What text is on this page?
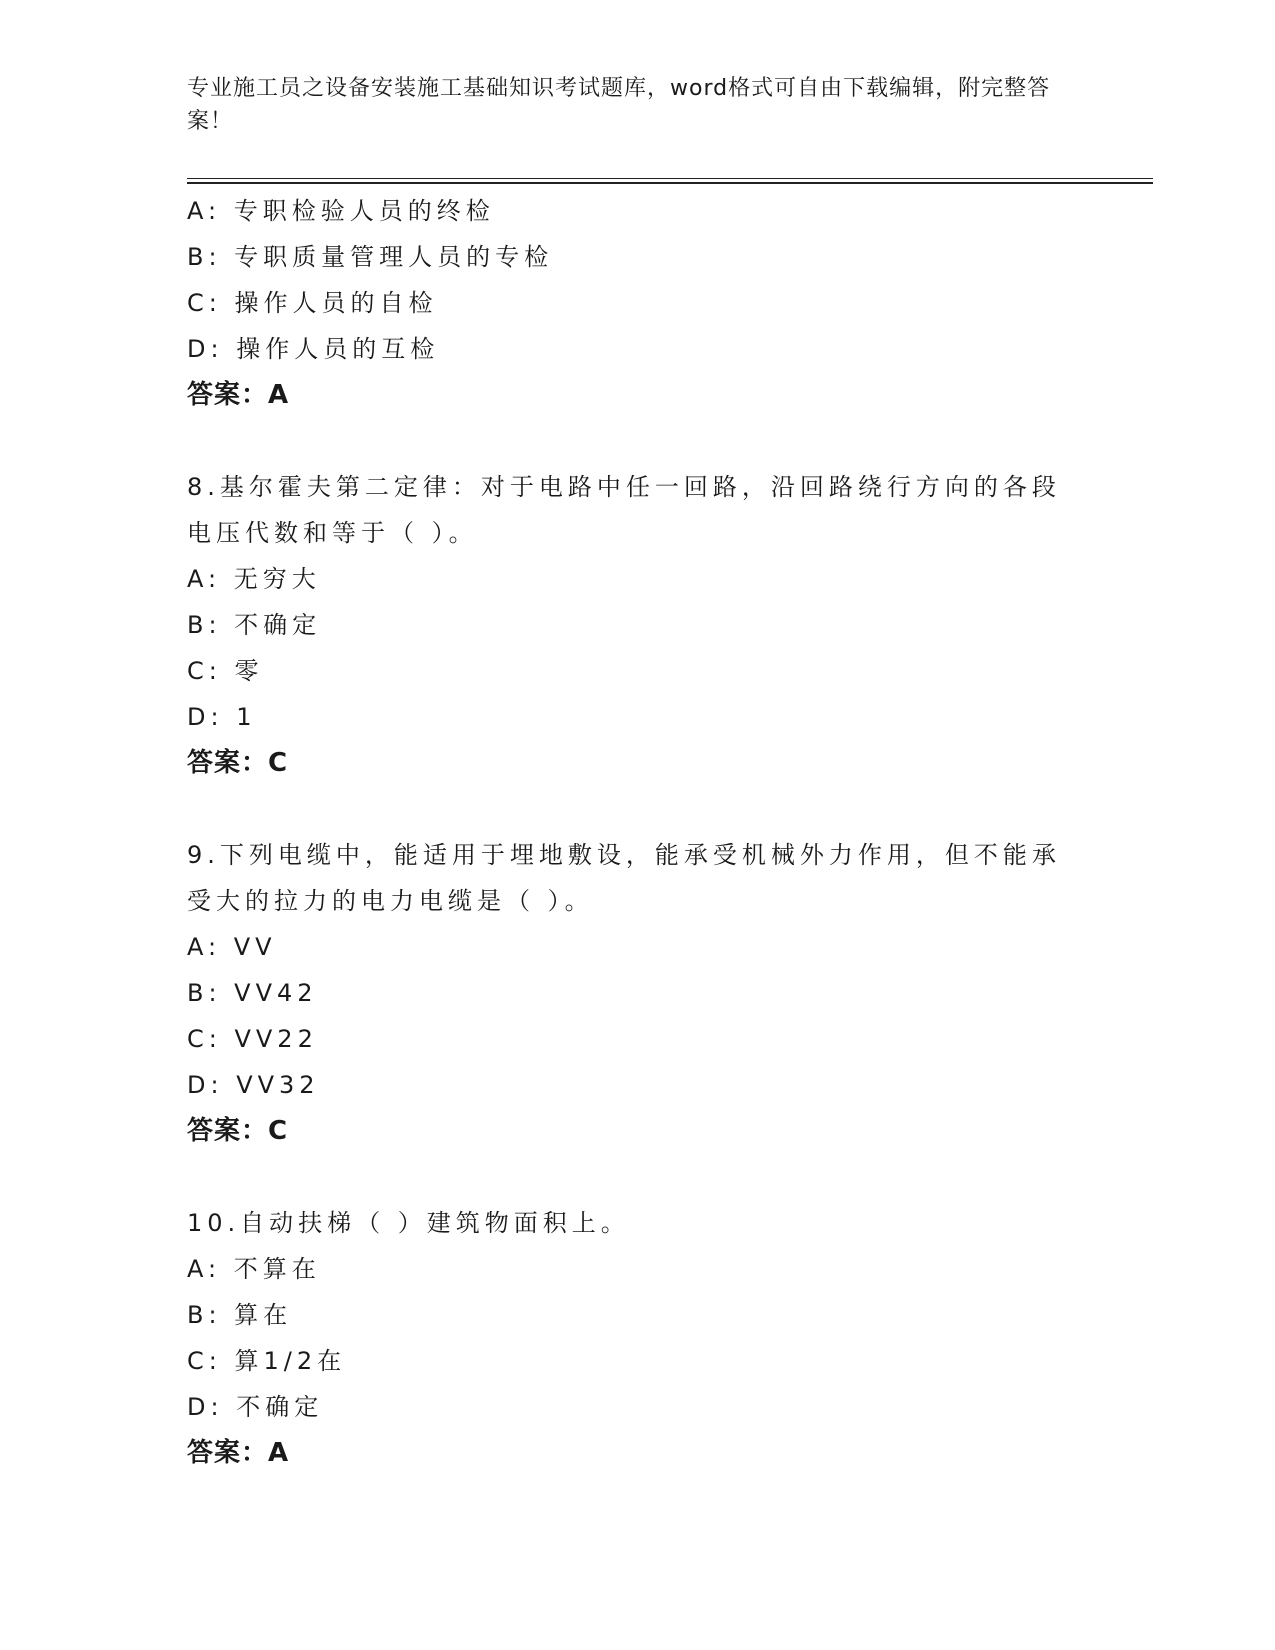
专业施工员之设备安装施工基础知识考试题库，word格式可自由下载编辑，附完整答案！
A: 专职检验人员的终检
B: 专职质量管理人员的专检
C: 操作人员的自检
D: 操作人员的互检
答案：A
8.基尔霍夫第二定律：对于电路中任一回路，沿回路绕行方向的各段电压代数和等于（ ）。
A: 无穷大
B: 不确定
C: 零
D: 1
答案：C
9.下列电缆中，能适用于埋地敷设，能承受机械外力作用，但不能承受大的拉力的电力电缆是（ ）。
A: VV
B: VV42
C: VV22
D: VV32
答案：C
10.自动扶梯（ ）建筑物面积上。
A: 不算在
B: 算在
C: 算1/2在
D: 不确定
答案：A
